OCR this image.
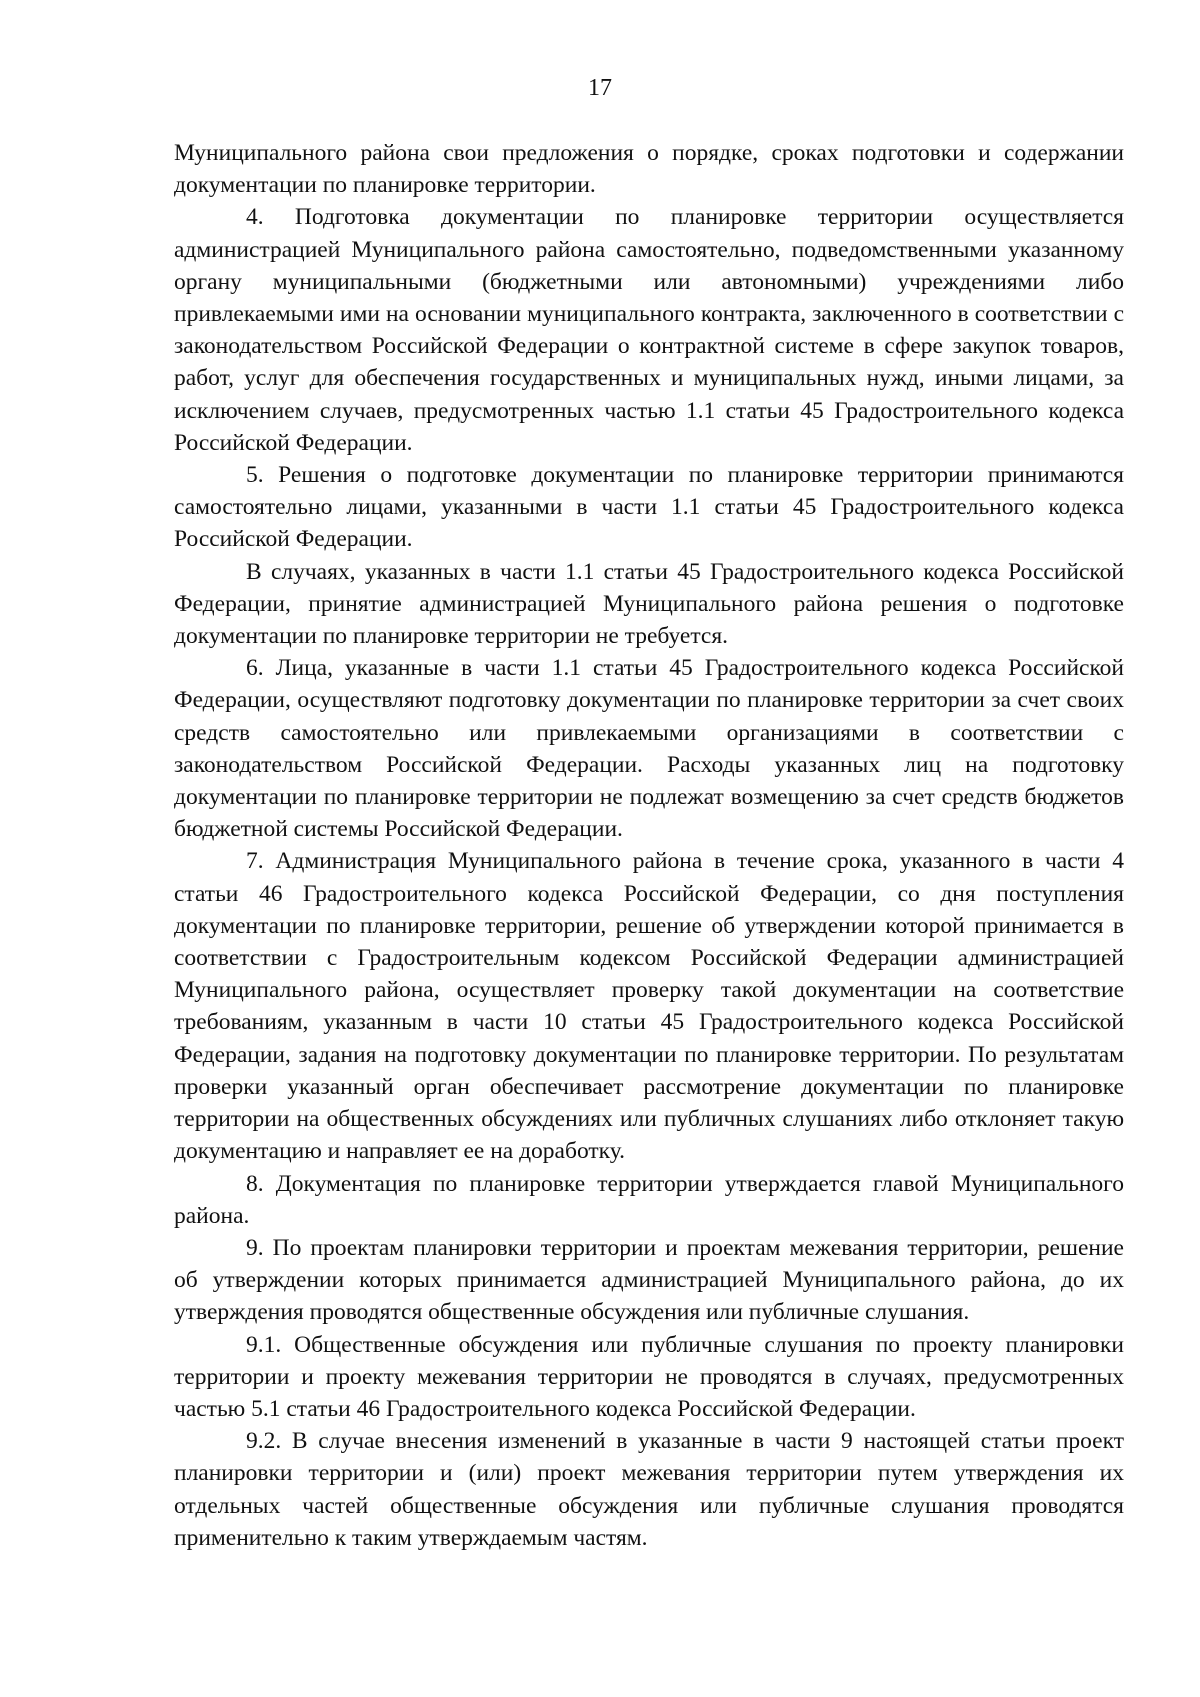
17

Муниципального района свои предложения о порядке, сроках подготовки и содержании документации по планировке территории.

4. Подготовка документации по планировке территории осуществляется администрацией Муниципального района самостоятельно, подведомственными указанному органу муниципальными (бюджетными или автономными) учреждениями либо привлекаемыми ими на основании муниципального контракта, заключенного в соответствии с законодательством Российской Федерации о контрактной системе в сфере закупок товаров, работ, услуг для обеспечения государственных и муниципальных нужд, иными лицами, за исключением случаев, предусмотренных частью 1.1 статьи 45 Градостроительного кодекса Российской Федерации.

5. Решения о подготовке документации по планировке территории принимаются самостоятельно лицами, указанными в части 1.1 статьи 45 Градостроительного кодекса Российской Федерации.

В случаях, указанных в части 1.1 статьи 45 Градостроительного кодекса Российской Федерации, принятие администрацией Муниципального района решения о подготовке документации по планировке территории не требуется.

6. Лица, указанные в части 1.1 статьи 45 Градостроительного кодекса Российской Федерации, осуществляют подготовку документации по планировке территории за счет своих средств самостоятельно или привлекаемыми организациями в соответствии с законодательством Российской Федерации. Расходы указанных лиц на подготовку документации по планировке территории не подлежат возмещению за счет средств бюджетов бюджетной системы Российской Федерации.

7. Администрация Муниципального района в течение срока, указанного в части 4 статьи 46 Градостроительного кодекса Российской Федерации, со дня поступления документации по планировке территории, решение об утверждении которой принимается в соответствии с Градостроительным кодексом Российской Федерации администрацией Муниципального района, осуществляет проверку такой документации на соответствие требованиям, указанным в части 10 статьи 45 Градостроительного кодекса Российской Федерации, задания на подготовку документации по планировке территории. По результатам проверки указанный орган обеспечивает рассмотрение документации по планировке территории на общественных обсуждениях или публичных слушаниях либо отклоняет такую документацию и направляет ее на доработку.

8. Документация по планировке территории утверждается главой Муниципального района.

9. По проектам планировки территории и проектам межевания территории, решение об утверждении которых принимается администрацией Муниципального района, до их утверждения проводятся общественные обсуждения или публичные слушания.

9.1. Общественные обсуждения или публичные слушания по проекту планировки территории и проекту межевания территории не проводятся в случаях, предусмотренных частью 5.1 статьи 46 Градостроительного кодекса Российской Федерации.

9.2. В случае внесения изменений в указанные в части 9 настоящей статьи проект планировки территории и (или) проект межевания территории путем утверждения их отдельных частей общественные обсуждения или публичные слушания проводятся применительно к таким утверждаемым частям.
